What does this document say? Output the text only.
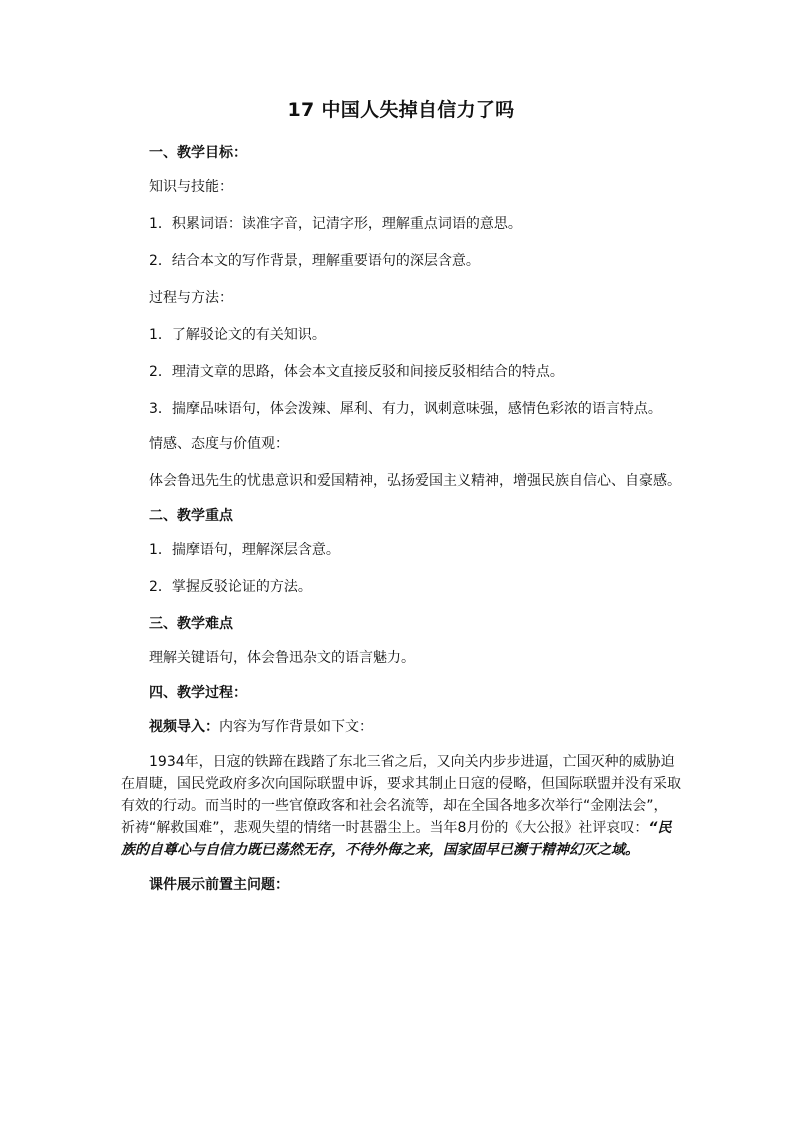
17 中国人失掉自信力了吗

一、教学目标：

知识与技能：

1．积累词语：读准字音，记清字形，理解重点词语的意思。

2．结合本文的写作背景，理解重要语句的深层含意。

过程与方法：

1．了解驳论文的有关知识。

2．理清文章的思路，体会本文直接反驳和间接反驳相结合的特点。

3．揣摩品味语句，体会泼辣、犀利、有力，讽刺意味强，感情色彩浓的语言特点。

情感、态度与价值观：

体会鲁迅先生的忧患意识和爱国精神，弘扬爱国主义精神，增强民族自信心、自豪感。

二、教学重点

1．揣摩语句，理解深层含意。

2．掌握反驳论证的方法。

三、教学难点

理解关键语句，体会鲁迅杂文的语言魅力。

四、教学过程：

视频导入：内容为写作背景如下文：

1934年，日寇的铁蹄在践踏了东北三省之后，又向关内步步进逼，亡国灭种的威胁迫在眉睫，国民党政府多次向国际联盟申诉，要求其制止日寇的侵略，但国际联盟并没有采取有效的行动。而当时的一些官僚政客和社会名流等，却在全国各地多次举行“金刚法会”，祈祷“解救国难”，悲观失望的情绪一时甚嚣尘上。当年8月份的《大公报》社评哀叹：“民族的自尊心与自信力既已荡然无存，不待外侮之来，国家固早已濒于精神幻灭之域。

课件展示前置主问题：
